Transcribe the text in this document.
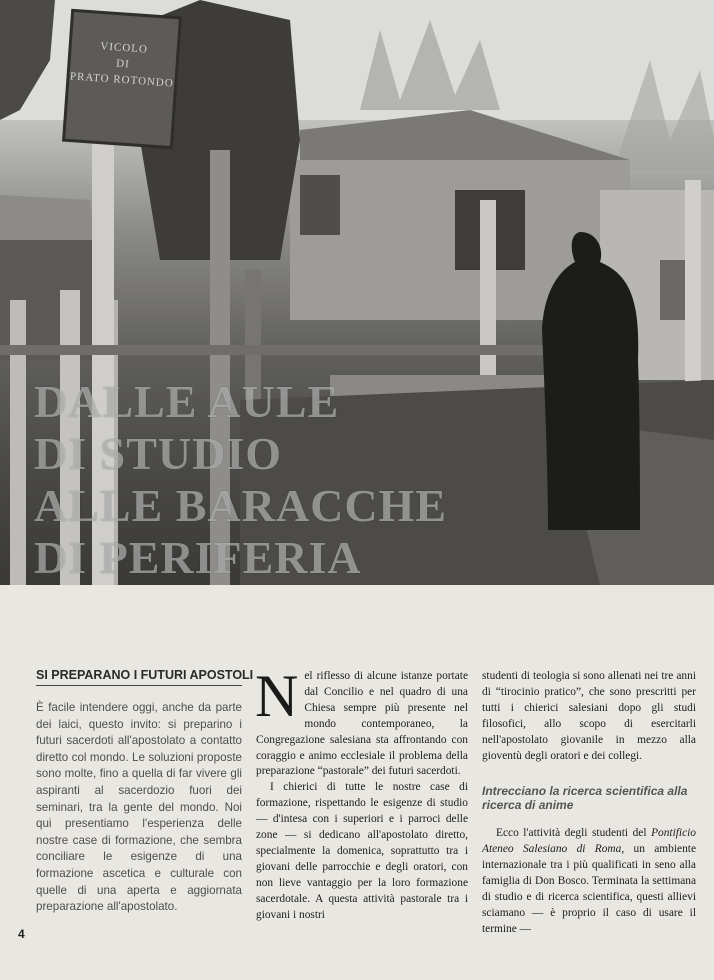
VICOLO
DI
PRATO ROTONDO
DALLE AULE
DI STUDIO
ALLE BARACCHE
DI PERIFERIA
SI PREPARANO I FUTURI APOSTOLI

È facile intendere oggi, anche da parte dei laici, questo invito: si preparino i futuri sacerdoti all'apostolato a contatto diretto col mondo. Le soluzioni proposte sono molte, fino a quella di far vivere gli aspiranti al sacerdozio fuori dei seminari, tra la gente del mondo. Noi qui presentiamo l'esperienza delle nostre case di formazione, che sembra conciliare le esigenze di una formazione ascetica e culturale con quelle di una aperta e aggiornata preparazione all'apostolato.

4

Nel riflesso di alcune istanze portate dal Concilio e nel quadro di una Chiesa sempre più presente nel mondo contemporaneo, la Congregazione salesiana sta affrontando con coraggio e animo ecclesiale il problema della preparazione “pastorale” dei futuri sacerdoti.

I chierici di tutte le nostre case di formazione, rispettando le esigenze di studio — d'intesa con i superiori e i parroci delle zone — si dedicano all'apostolato diretto, specialmente la domenica, soprattutto tra i giovani delle parrocchie e degli oratori, con non lieve vantaggio per la loro formazione sacerdotale. A questa attività pastorale tra i giovani i nostri

studenti di teologia si sono allenati nei tre anni di “tirocinio pratico”, che sono prescritti per tutti i chierici salesiani dopo gli studi filosofici, allo scopo di esercitarli nell'apostolato giovanile in mezzo alla gioventù degli oratori e dei collegi.

Intrecciano la ricerca scientifica alla ricerca di anime

Ecco l'attività degli studenti del Pontificio Ateneo Salesiano di Roma, un ambiente internazionale tra i più qualificati in seno alla famiglia di Don Bosco. Terminata la settimana di studio e di ricerca scientifica, questi allievi sciamano — è proprio il caso di usare il termine —
